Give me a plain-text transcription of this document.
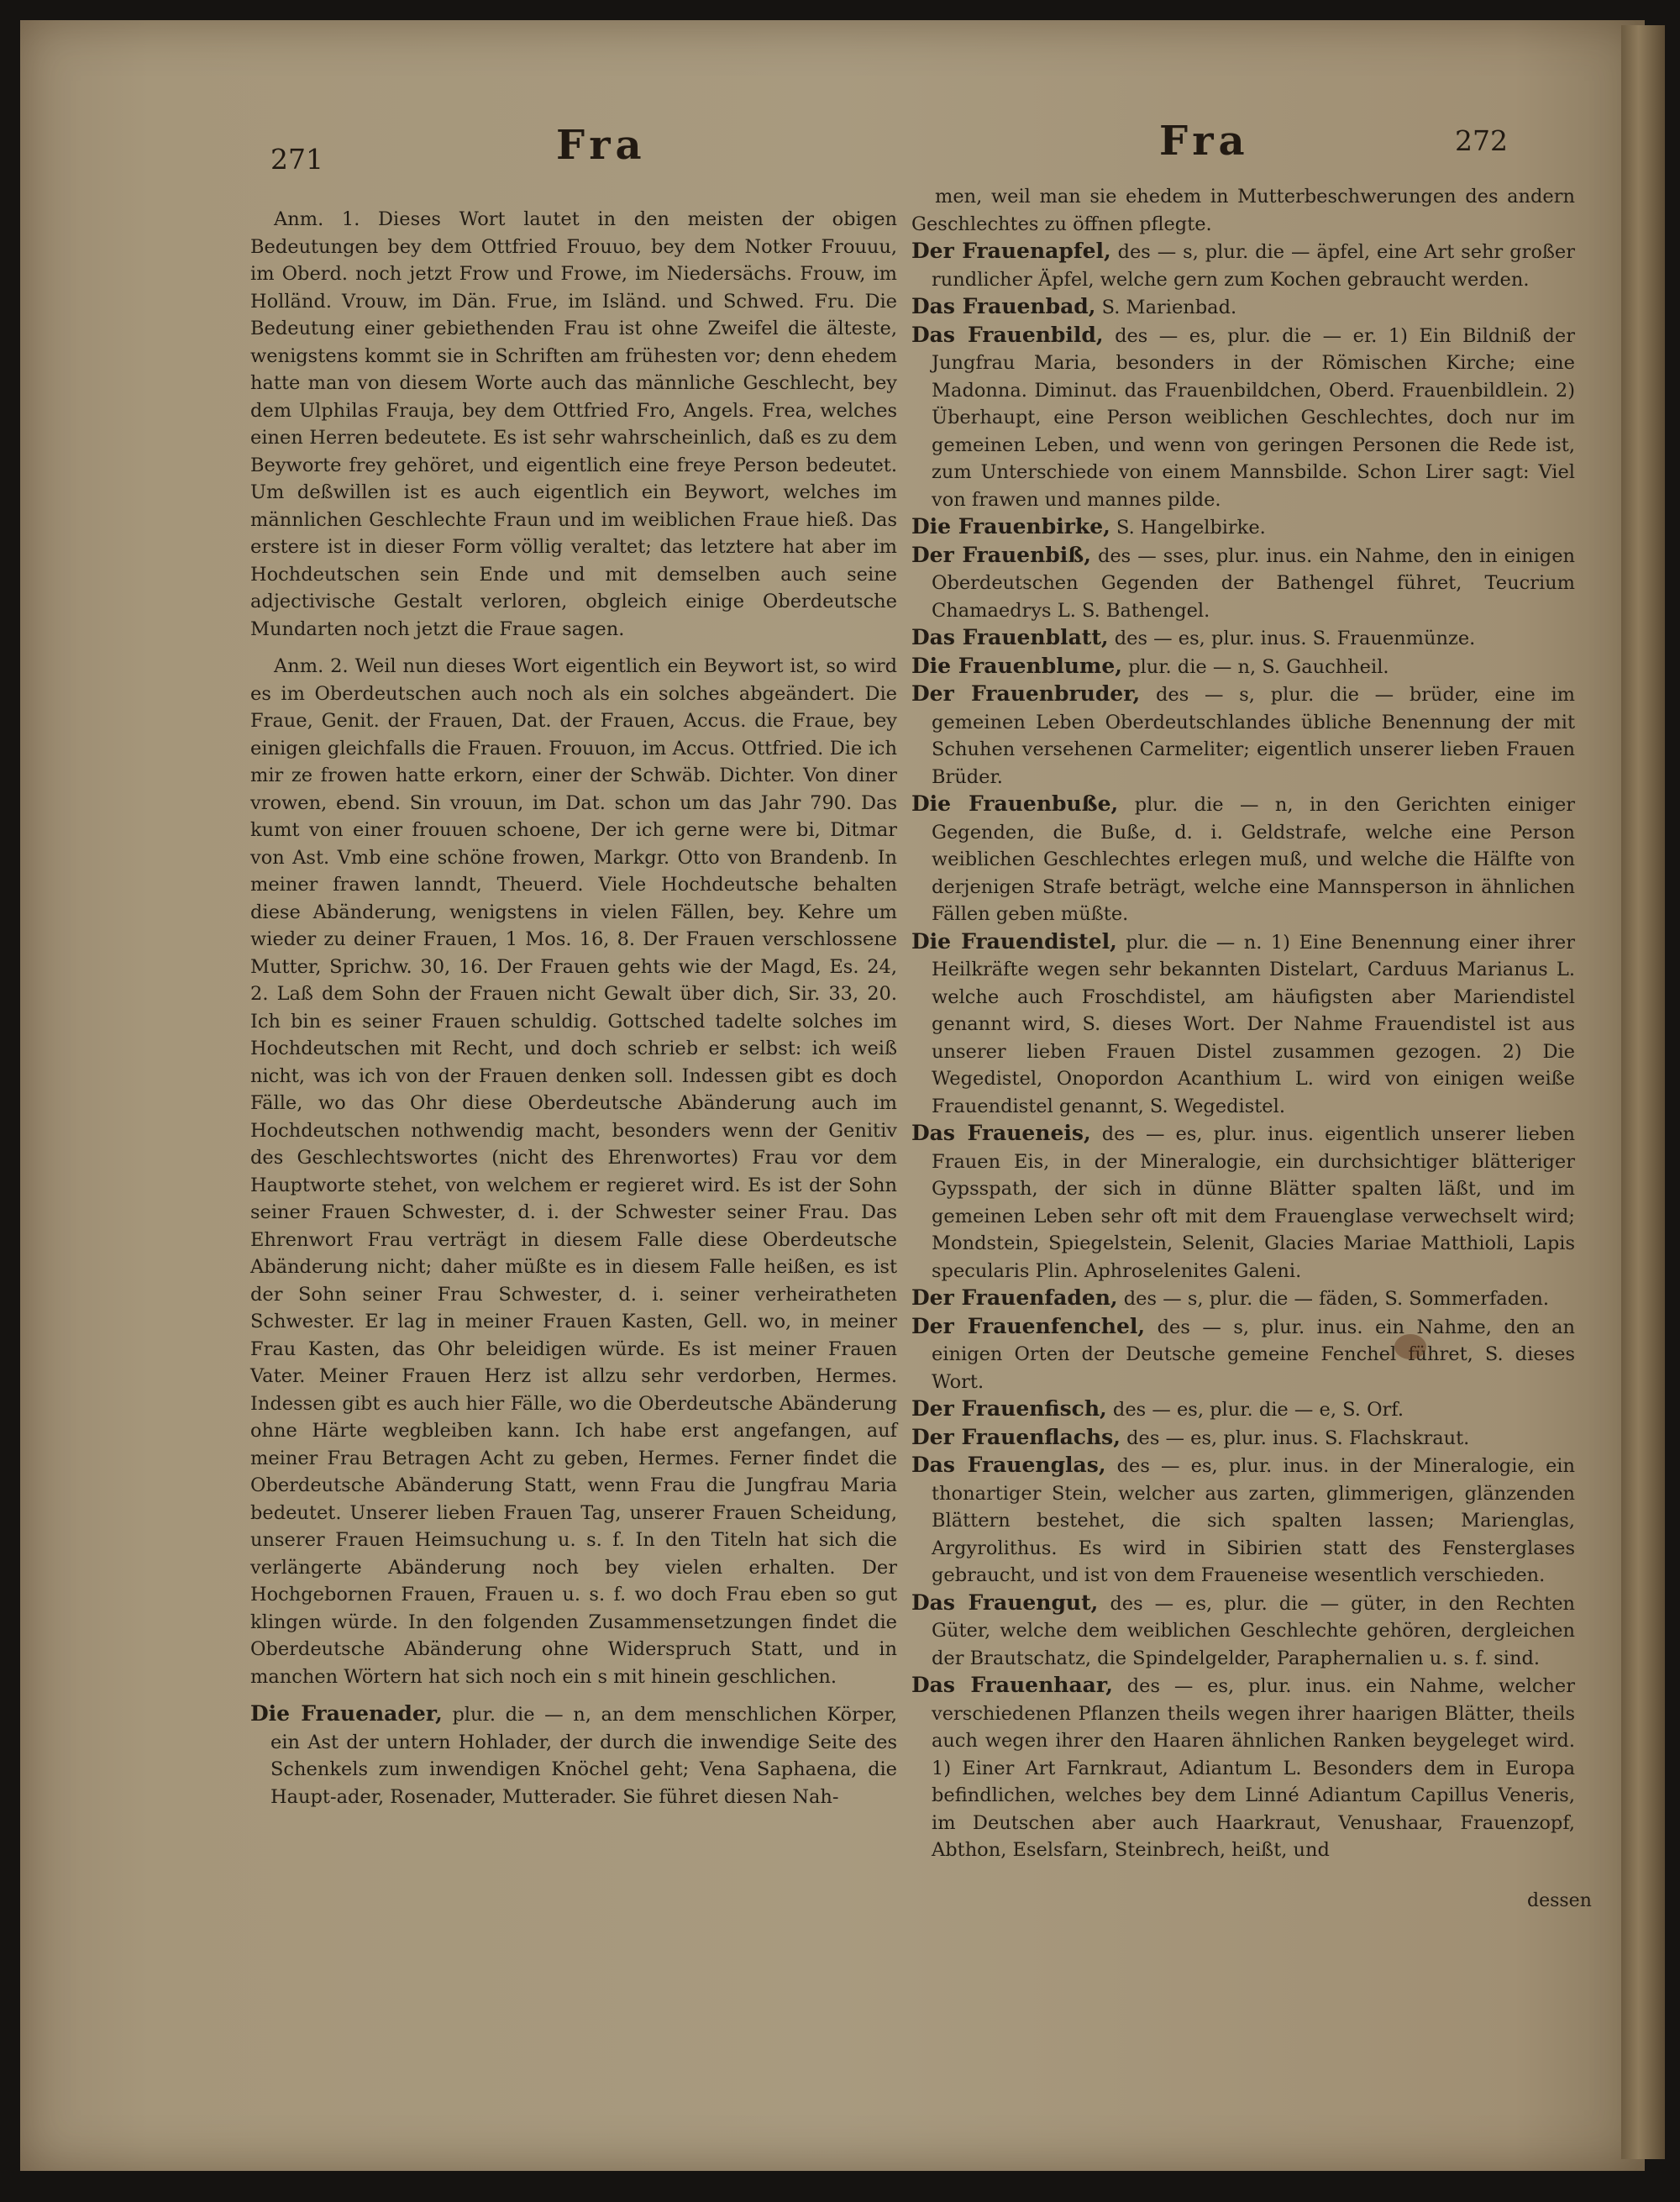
271	Fra	Fra	272

Anm. 1. Dieses Wort lautet in den meisten der obigen Bedeutungen bey dem Ottfried Frouuo, bey dem Notker Frouuu, im Oberd. noch jetzt Frow und Frowe, im Niedersächs. Frouw, im Holländ. Vrouw, im Dän. Frue, im Isländ. und Schwed. Fru. Die Bedeutung einer gebiethenden Frau ist ohne Zweifel die älteste, wenigstens kommt sie in Schriften am frühesten vor; denn ehedem hatte man von diesem Worte auch das männliche Geschlecht, bey dem Ulphilas Frauja, bey dem Ottfried Fro, Angels. Frea, welches einen Herren bedeutete. Es ist sehr wahrscheinlich, daß es zu dem Beyworte frey gehöret, und eigentlich eine freye Person bedeutet. Um deßwillen ist es auch eigentlich ein Beywort, welches im männlichen Geschlechte Fraun und im weiblichen Fraue hieß. Das erstere ist in dieser Form völlig veraltet; das letztere hat aber im Hochdeutschen sein Ende und mit demselben auch seine adjectivische Gestalt verloren, obgleich einige Oberdeutsche Mundarten noch jetzt die Fraue sagen.

Anm. 2. Weil nun dieses Wort eigentlich ein Beywort ist, so wird es im Oberdeutschen auch noch als ein solches abgeändert. Die Fraue, Genit. der Frauen, Dat. der Frauen, Accus. die Fraue, bey einigen gleichfalls die Frauen. Frouuon, im Accus. Ottfried. Die ich mir ze frowen hatte erkorn, einer der Schwäb. Dichter. Von diner vrowen, ebend. Sin vrouun, im Dat. schon um das Jahr 790. Das kumt von einer frouuen schoene, Der ich gerne were bi, Ditmar von Ast. Vmb eine schöne frowen, Markgr. Otto von Brandenb. In meiner frawen lanndt, Theuerd. Viele Hochdeutsche behalten diese Abänderung, wenigstens in vielen Fällen, bey. Kehre um wieder zu deiner Frauen, 1 Mos. 16, 8. Der Frauen verschlossene Mutter, Sprichw. 30, 16. Der Frauen gehts wie der Magd, Es. 24, 2. Laß dem Sohn der Frauen nicht Gewalt über dich, Sir. 33, 20. Ich bin es seiner Frauen schuldig. Gottsched tadelte solches im Hochdeutschen mit Recht, und doch schrieb er selbst: ich weiß nicht, was ich von der Frauen denken soll. Indessen gibt es doch Fälle, wo das Ohr diese Oberdeutsche Abänderung auch im Hochdeutschen nothwendig macht, besonders wenn der Genitiv des Geschlechtswortes (nicht des Ehrenwortes) Frau vor dem Hauptworte stehet, von welchem er regieret wird. Es ist der Sohn seiner Frauen Schwester, d. i. der Schwester seiner Frau. Das Ehrenwort Frau verträgt in diesem Falle diese Oberdeutsche Abänderung nicht; daher müßte es in diesem Falle heißen, es ist der Sohn seiner Frau Schwester, d. i. seiner verheiratheten Schwester. Er lag in meiner Frauen Kasten, Gell. wo, in meiner Frau Kasten, das Ohr beleidigen würde. Es ist meiner Frauen Vater. Meiner Frauen Herz ist allzu sehr verdorben, Hermes. Indessen gibt es auch hier Fälle, wo die Oberdeutsche Abänderung ohne Härte wegbleiben kann. Ich habe erst angefangen, auf meiner Frau Betragen Acht zu geben, Hermes. Ferner findet die Oberdeutsche Abänderung Statt, wenn Frau die Jungfrau Maria bedeutet. Unserer lieben Frauen Tag, unserer Frauen Scheidung, unserer Frauen Heimsuchung u. s. f. In den Titeln hat sich die verlängerte Abänderung noch bey vielen erhalten. Der Hochgebornen Frauen, Frauen u. s. f. wo doch Frau eben so gut klingen würde. In den folgenden Zusammensetzungen findet die Oberdeutsche Abänderung ohne Widerspruch Statt, und in manchen Wörtern hat sich noch ein s mit hinein geschlichen.

Die Frauenader, plur. die — n, an dem menschlichen Körper, ein Ast der untern Hohlader, der durch die inwendige Seite des Schenkels zum inwendigen Knöchel geht; Vena Saphaena, die Haupt-ader, Rosenader, Mutterader. Sie führet diesen Nah-

men, weil man sie ehedem in Mutterbeschwerungen des andern Geschlechtes zu öffnen pflegte.

Der Frauenapfel, des — s, plur. die — äpfel, eine Art sehr großer rundlicher Äpfel, welche gern zum Kochen gebraucht werden.

Das Frauenbad, S. Marienbad.

Das Frauenbild, des — es, plur. die — er. 1) Ein Bildniß der Jungfrau Maria, besonders in der Römischen Kirche; eine Madonna. Diminut. das Frauenbildchen, Oberd. Frauenbildlein. 2) Überhaupt, eine Person weiblichen Geschlechtes, doch nur im gemeinen Leben, und wenn von geringen Personen die Rede ist, zum Unterschiede von einem Mannsbilde. Schon Lirer sagt: Viel von frawen und mannes pilde.

Die Frauenbirke, S. Hangelbirke.

Der Frauenbiß, des — sses, plur. inus. ein Nahme, den in einigen Oberdeutschen Gegenden der Bathengel führet, Teucrium Chamaedrys L. S. Bathengel.

Das Frauenblatt, des — es, plur. inus. S. Frauenmünze.

Die Frauenblume, plur. die — n, S. Gauchheil.

Der Frauenbruder, des — s, plur. die — brüder, eine im gemeinen Leben Oberdeutschlandes übliche Benennung der mit Schuhen versehenen Carmeliter; eigentlich unserer lieben Frauen Brüder.

Die Frauenbuße, plur. die — n, in den Gerichten einiger Gegenden, die Buße, d. i. Geldstrafe, welche eine Person weiblichen Geschlechtes erlegen muß, und welche die Hälfte von derjenigen Strafe beträgt, welche eine Mannsperson in ähnlichen Fällen geben müßte.

Die Frauendistel, plur. die — n. 1) Eine Benennung einer ihrer Heilkräfte wegen sehr bekannten Distelart, Carduus Marianus L. welche auch Froschdistel, am häufigsten aber Mariendistel genannt wird, S. dieses Wort. Der Nahme Frauendistel ist aus unserer lieben Frauen Distel zusammen gezogen. 2) Die Wegedistel, Onopordon Acanthium L. wird von einigen weiße Frauendistel genannt, S. Wegedistel.

Das Fraueneis, des — es, plur. inus. eigentlich unserer lieben Frauen Eis, in der Mineralogie, ein durchsichtiger blätteriger Gypsspath, der sich in dünne Blätter spalten läßt, und im gemeinen Leben sehr oft mit dem Frauenglase verwechselt wird; Mondstein, Spiegelstein, Selenit, Glacies Mariae Matthioli, Lapis specularis Plin. Aphroselenites Galeni.

Der Frauenfaden, des — s, plur. die — fäden, S. Sommerfaden.

Der Frauenfenchel, des — s, plur. inus. ein Nahme, den an einigen Orten der Deutsche gemeine Fenchel führet, S. dieses Wort.

Der Frauenfisch, des — es, plur. die — e, S. Orf.

Der Frauenflachs, des — es, plur. inus. S. Flachskraut.

Das Frauenglas, des — es, plur. inus. in der Mineralogie, ein thonartiger Stein, welcher aus zarten, glimmerigen, glänzenden Blättern bestehet, die sich spalten lassen; Marienglas, Argyrolithus. Es wird in Sibirien statt des Fensterglases gebraucht, und ist von dem Fraueneise wesentlich verschieden.

Das Frauengut, des — es, plur. die — güter, in den Rechten Güter, welche dem weiblichen Geschlechte gehören, dergleichen der Brautschatz, die Spindelgelder, Paraphernalien u. s. f. sind.

Das Frauenhaar, des — es, plur. inus. ein Nahme, welcher verschiedenen Pflanzen theils wegen ihrer haarigen Blätter, theils auch wegen ihrer den Haaren ähnlichen Ranken beygeleget wird. 1) Einer Art Farnkraut, Adiantum L. Besonders dem in Europa befindlichen, welches bey dem Linné Adiantum Capillus Veneris, im Deutschen aber auch Haarkraut, Venushaar, Frauenzopf, Abthon, Eselsfarn, Steinbrech, heißt, und

dessen
